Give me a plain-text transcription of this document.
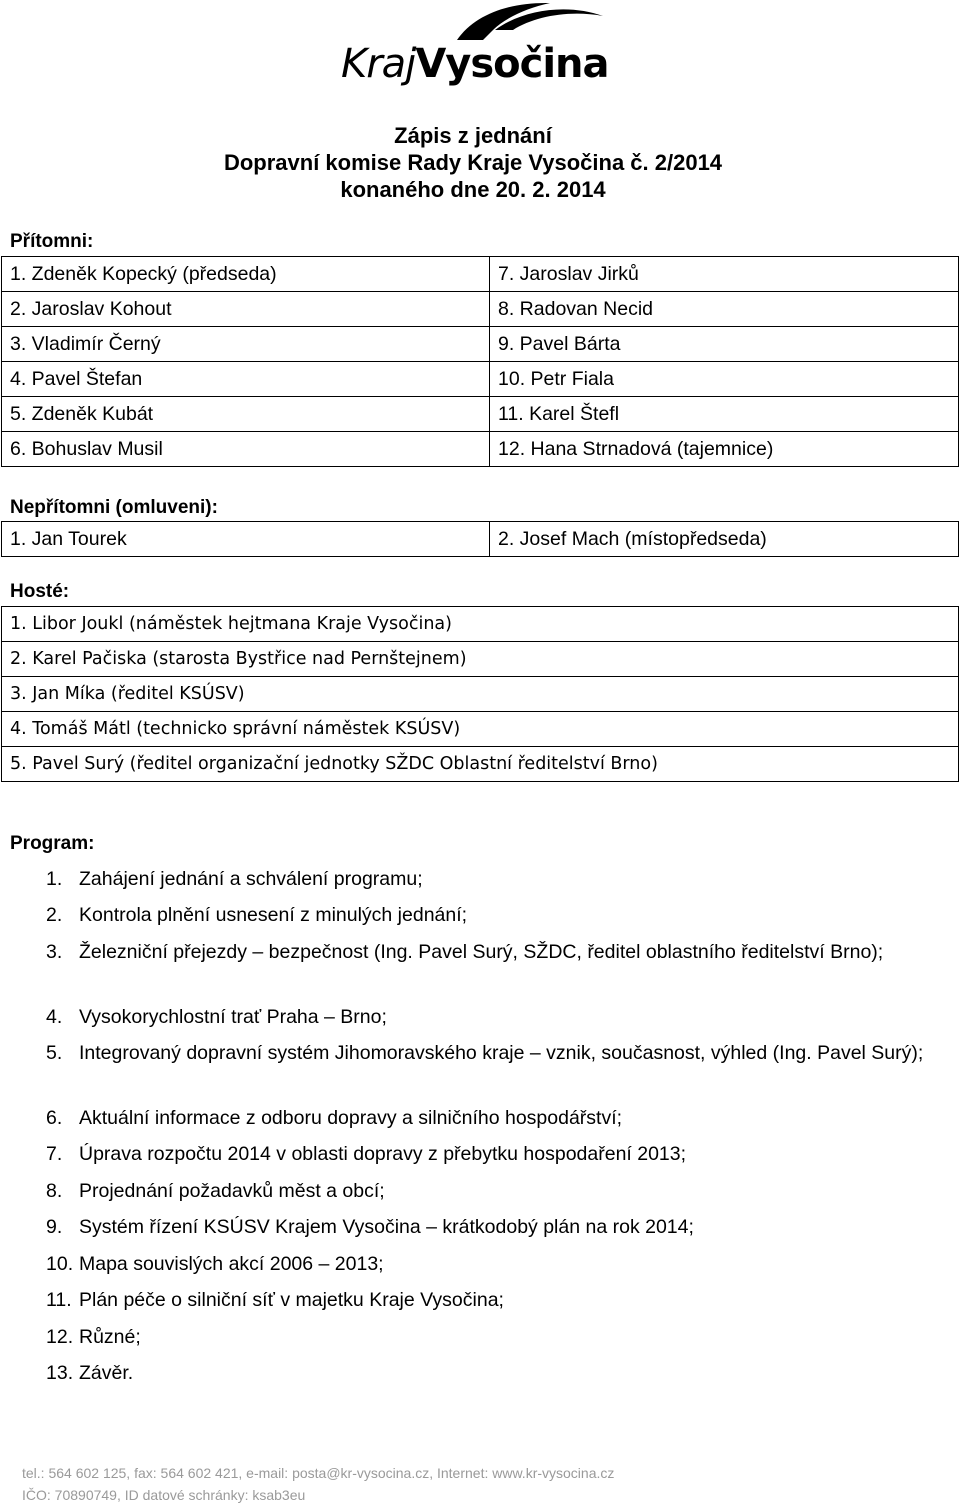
KrajVysočina
Zápis z jednání
Dopravní komise Rady Kraje Vysočina č. 2/2014
konaného dne 20. 2. 2014
Přítomni:
1. Zdeněk Kopecký (předseda)	7. Jaroslav Jirků
2. Jaroslav Kohout	8. Radovan Necid
3. Vladimír Černý	9. Pavel Bárta
4. Pavel Štefan	10. Petr Fiala
5. Zdeněk Kubát	11. Karel Štefl
6. Bohuslav Musil	12. Hana Strnadová (tajemnice)
Nepřítomni (omluveni):
1. Jan Tourek	2. Josef Mach (místopředseda)
Hosté:
1. Libor Joukl (náměstek hejtmana Kraje Vysočina)
2. Karel Pačiska (starosta Bystřice nad Pernštejnem)
3. Jan Míka (ředitel KSÚSV)
4. Tomáš Mátl (technicko správní náměstek KSÚSV)
5. Pavel Surý (ředitel organizační jednotky SŽDC Oblastní ředitelství Brno)
Program:
1. Zahájení jednání a schválení programu;
2. Kontrola plnění usnesení z minulých jednání;
3. Železniční přejezdy – bezpečnost (Ing. Pavel Surý, SŽDC, ředitel oblastního ředitelství Brno);
4. Vysokorychlostní trať Praha – Brno;
5. Integrovaný dopravní systém Jihomoravského kraje – vznik, současnost, výhled (Ing. Pavel Surý);
6. Aktuální informace z odboru dopravy a silničního hospodářství;
7. Úprava rozpočtu 2014 v oblasti dopravy z přebytku hospodaření 2013;
8. Projednání požadavků měst a obcí;
9. Systém řízení KSÚSV Krajem Vysočina – krátkodobý plán na rok 2014;
10. Mapa souvislých akcí 2006 – 2013;
11. Plán péče o silniční síť v majetku Kraje Vysočina;
12. Různé;
13. Závěr.
tel.: 564 602 125, fax: 564 602 421, e-mail: posta@kr-vysocina.cz, Internet: www.kr-vysocina.cz
IČO: 70890749, ID datové schránky: ksab3eu
